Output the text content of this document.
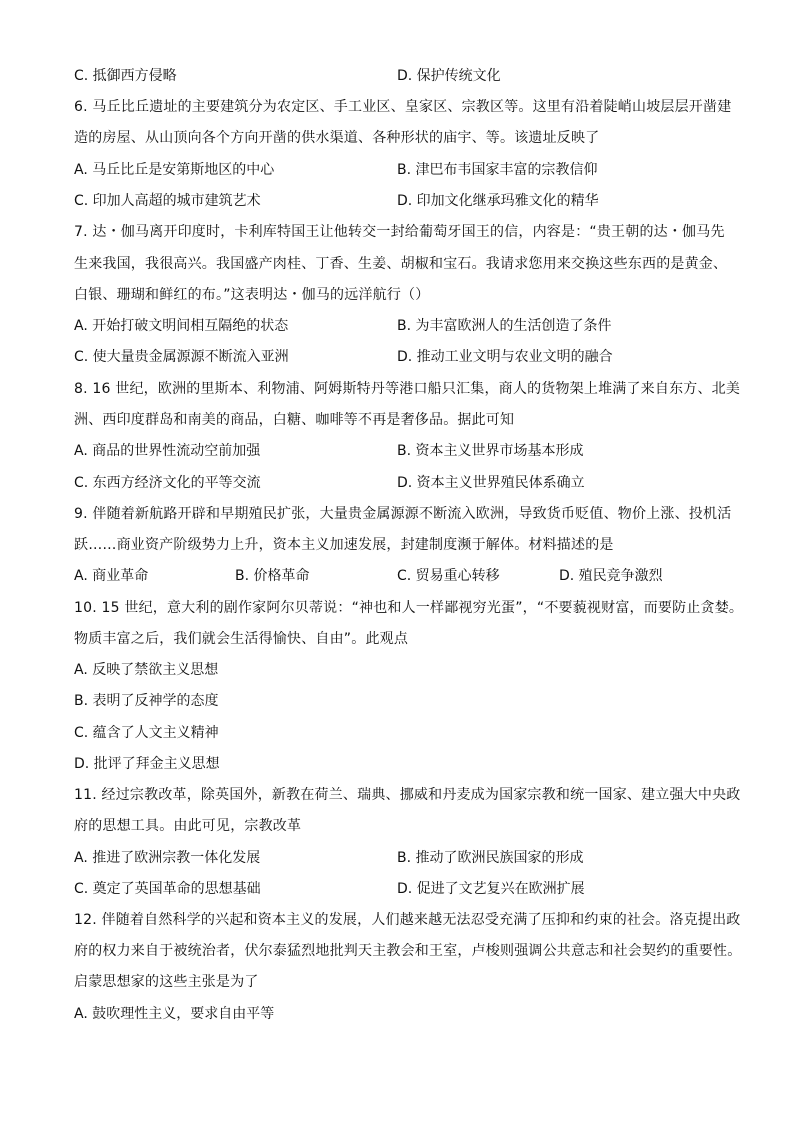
C. 抵御西方侵略	D. 保护传统文化
6. 马丘比丘遗址的主要建筑分为农定区、手工业区、皇家区、宗教区等。这里有沿着陡峭山坡层层开凿建
造的房屋、从山顶向各个方向开凿的供水渠道、各种形状的庙宇、等。该遗址反映了
A. 马丘比丘是安第斯地区的中心	B. 津巴布韦国家丰富的宗教信仰
C. 印加人高超的城市建筑艺术	D. 印加文化继承玛雅文化的精华
7. 达・伽马离开印度时，卡利库特国王让他转交一封给葡萄牙国王的信，内容是：“贵王朝的达・伽马先
生来我国，我很高兴。我国盛产肉桂、丁香、生姜、胡椒和宝石。我请求您用来交换这些东西的是黄金、
白银、珊瑚和鲜红的布。”这表明达・伽马的远洋航行（）
A. 开始打破文明间相互隔绝的状态	B. 为丰富欧洲人的生活创造了条件
C. 使大量贵金属源源不断流入亚洲	D. 推动工业文明与农业文明的融合
8. 16 世纪，欧洲的里斯本、利物浦、阿姆斯特丹等港口船只汇集，商人的货物架上堆满了来自东方、北美
洲、西印度群岛和南美的商品，白糖、咖啡等不再是奢侈品。据此可知
A. 商品的世界性流动空前加强	B. 资本主义世界市场基本形成
C. 东西方经济文化的平等交流	D. 资本主义世界殖民体系确立
9. 伴随着新航路开辟和早期殖民扩张，大量贵金属源源不断流入欧洲，导致货币贬值、物价上涨、投机活
跃……商业资产阶级势力上升，资本主义加速发展，封建制度濒于解体。材料描述的是
A. 商业革命	B. 价格革命	C. 贸易重心转移	D. 殖民竞争激烈
10. 15 世纪，意大利的剧作家阿尔贝蒂说：“神也和人一样鄙视穷光蛋”，“不要藐视财富，而要防止贪婪。
物质丰富之后，我们就会生活得愉快、自由”。此观点
A. 反映了禁欲主义思想
B. 表明了反神学的态度
C. 蕴含了人文主义精神
D. 批评了拜金主义思想
11. 经过宗教改革，除英国外，新教在荷兰、瑞典、挪威和丹麦成为国家宗教和统一国家、建立强大中央政
府的思想工具。由此可见，宗教改革
A. 推进了欧洲宗教一体化发展	B. 推动了欧洲民族国家的形成
C. 奠定了英国革命的思想基础	D. 促进了文艺复兴在欧洲扩展
12. 伴随着自然科学的兴起和资本主义的发展，人们越来越无法忍受充满了压抑和约束的社会。洛克提出政
府的权力来自于被统治者，伏尔泰猛烈地批判天主教会和王室，卢梭则强调公共意志和社会契约的重要性。
启蒙思想家的这些主张是为了
A. 鼓吹理性主义，要求自由平等
